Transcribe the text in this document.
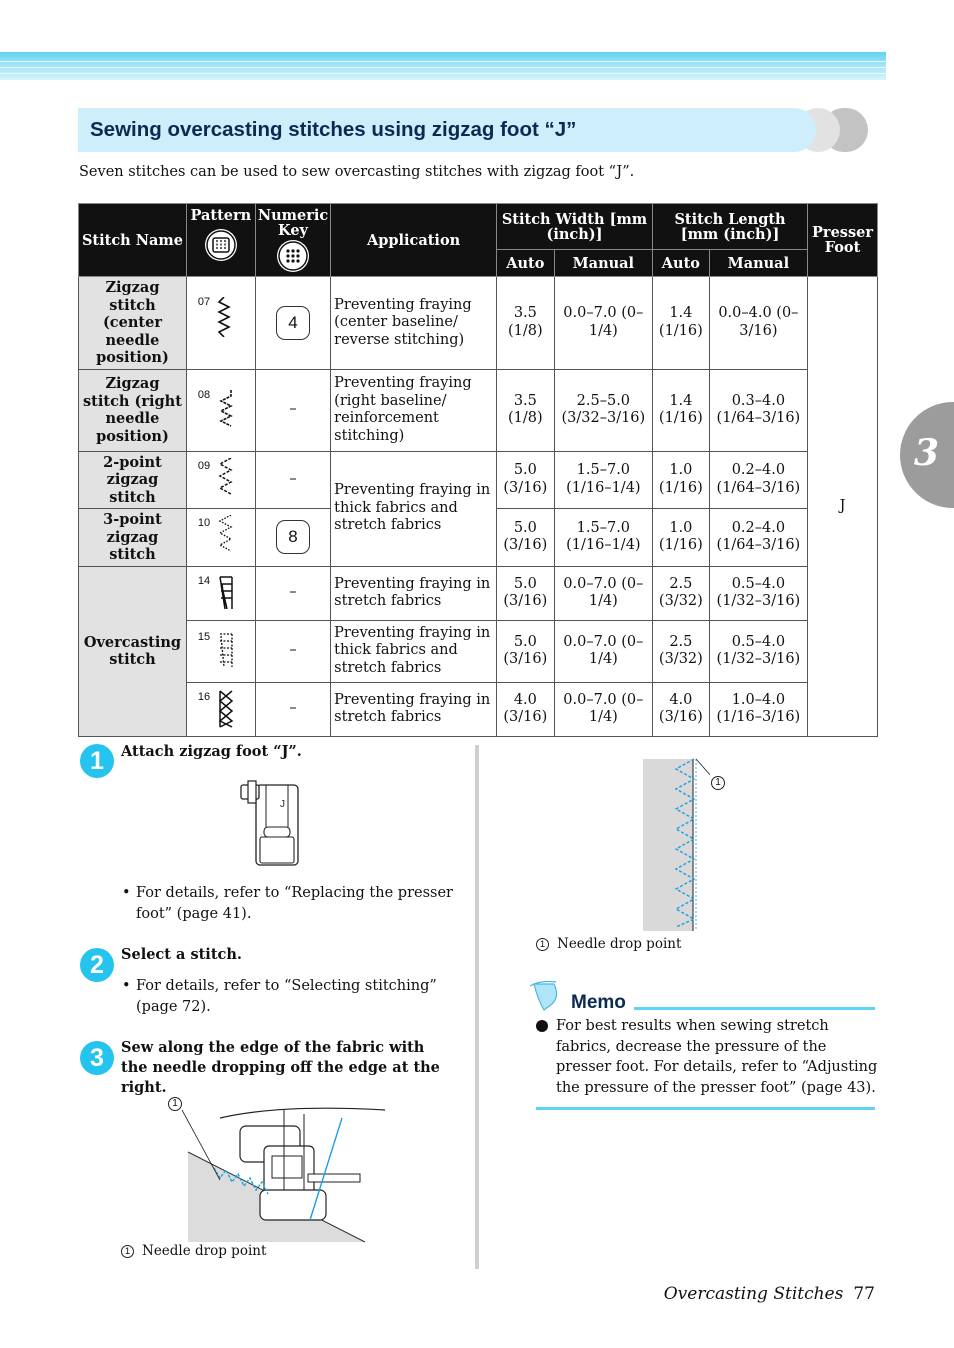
Sewing overcasting stitches using zigzag foot “J”
Seven stitches can be used to sew overcasting stitches with zigzag foot “J”.
3
Stitch Name	Pattern	Numeric Key	Application	Stitch Width [mm (inch)]		Stitch Length [mm (inch)]		Presser Foot
				Auto	Manual	Auto	Manual	
Zigzag stitch (center needle position)	07	4	Preventing fraying (center baseline/ reverse stitching)	3.5 (1/8)	0.0–7.0 (0–1/4)	1.4 (1/16)	0.0–4.0 (0–3/16)	J
Zigzag stitch (right needle position)	08	–	Preventing fraying (right baseline/ reinforcement stitching)	3.5 (1/8)	2.5–5.0 (3/32–3/16)	1.4 (1/16)	0.3–4.0 (1/64–3/16)	
2-point zigzag stitch	09	–	Preventing fraying in thick fabrics and stretch fabrics	5.0 (3/16)	1.5–7.0 (1/16–1/4)	1.0 (1/16)	0.2–4.0 (1/64–3/16)	
3-point zigzag stitch	10	8		5.0 (3/16)	1.5–7.0 (1/16–1/4)	1.0 (1/16)	0.2–4.0 (1/64–3/16)	
Overcasting stitch	14	–	Preventing fraying in stretch fabrics	5.0 (3/16)	0.0–7.0 (0–1/4)	2.5 (3/32)	0.5–4.0 (1/32–3/16)	

	15	–	Preventing fraying in thick fabrics and stretch fabrics	5.0 (3/16)	0.0–7.0 (0–1/4)	2.5 (3/32)	0.5–4.0 (1/32–3/16)	

	16	–	Preventing fraying in stretch fabrics	4.0 (3/16)	0.0–7.0 (0–1/4)	4.0 (3/16)	1.0–4.0 (1/16–3/16)	
1	Attach zigzag foot “J”.
J
• For details, refer to “Replacing the presser foot” (page 41).
2	Select a stitch.
• For details, refer to “Selecting stitching” (page 72).
3	Sew along the edge of the fabric with the needle dropping off the edge at the right.
1
1 Needle drop point
1
1 Needle drop point
Memo
For best results when sewing stretch fabrics, decrease the pressure of the presser foot. For details, refer to “Adjusting the pressure of the presser foot” (page 43).
Overcasting Stitches 77
